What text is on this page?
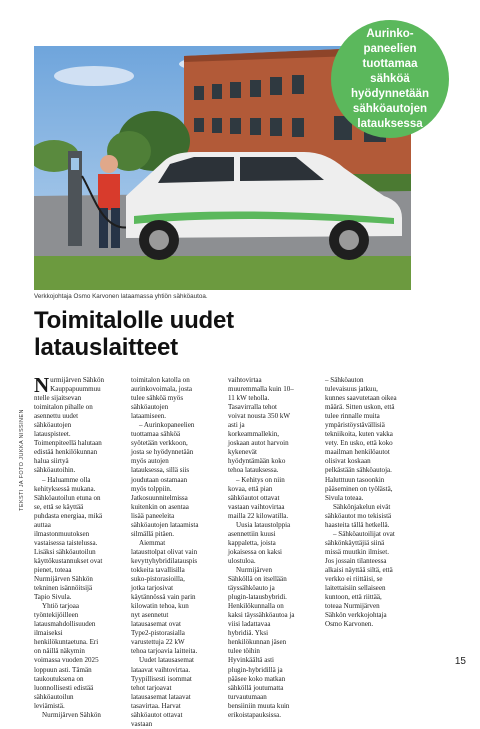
Aurinko-paneelien tuottamaa sähköä hyödynnetään sähköautojen latauksessa
Verkkojohtaja Osmo Karvonen lataamassa yhtiön sähköautoa.
Toimitalolle uudet latauslaitteet
TEKSTI JA FOTO JUKKA NISSINEN

Nurmijärven Sähkön Kauppapuummuuntelle sijaitsevan toimitalon pihalle on asennettu uudet sähköautojen latauspisteet. Toimenpiteellä halutaan edistää henkilökunnan halua siirtyä sähköautoihin.

– Haluamme olla kehityksessä mukana. Sähköautoilun etuna on se, että se käyttää puhdasta energiaa, mikä auttaa ilmastonmuutoksen vastaisessa taistelussa. Lisäksi sähköautoilun käyttökustannukset ovat pienet, toteaa Nurmijärven Sähkön tekninen isännöitsijä Tapio Sivula.

Yhtiö tarjoaa työntekijöilleen latausmahdollisuuden ilmaiseksi henkilökuntaetuna. Eri on näillä näkymin voimassa vuoden 2025 loppuun asti. Tämän taukoutuksena on luonnollisesti edistää sähköautoilun leviämistä.

Nurmijärven Sähkön

toimitalon katolla on aurinkovoimala, josta tulee sähköä myös sähköautojen lataamiseen.

– Aurinkopaneelien tuottamaa sähköä syötetään verkkoon, josta se hyödynnetään myös autojen latauksessa, sillä siis joudutaan ostamaan myös tolppiin. Jatkosuunnitelmissa kuitenkin on asentaa lisää paneeleita sähköautojen lataamista silmällä pitäen.

Aiemmat latausttolpat olivat vain kevyttyhybridilatauspistokkeita tavallisilla suko-pistorasioilla, jotka tarjosivat käytännössä vain parin kilowatin tehoa, kun nyt asennetut latausasemat ovat Type2-pistorasialla varustettuja 22 kW tehoa tarjoavia laitteita.

Uudet latausasemat lataavat vaihtovirtaa. Tyypillisesti isommat tehot tarjoavat latausasemat lataavat tasavirtaa. Harvat sähköautot ottavat vastaan

vaihtovirtaa muuremmalla kuin 10–11 kW teholla. Tasavirralla tehot voivat nousta 350 kW asti ja korkeammallekin, joskaan autot harvoin kykenevät hyödyntämään koko tehoa latauksessa.

– Kehitys on niin kovaa, että pian sähköautot ottavat vastaan vaihtovirtaa mailla 22 kilowatilla.

Uusia lataustolppia asennettiin kuusi kappaletta, joista jokaisessa on kaksi ulostuloa.

Nurmijärven Sähköllä on itsellään täyssähköauto ja plugin-latausbybridi. Henkilökunnalla on kaksi täyssähköautoa ja viisi ladattavaa hybridiä. Yksi henkilökunnan jäsen tulee töihin Hyvinkäältä asti plugin-hybridillä ja pääsee koko matkan sähköllä joutumatta turvautumaan bensiiniin muuta kuin erikoistapauksissa.

– Sähköauton tulevaisuus jatkuu, kunnes saavutetaan oikea määrä. Sitten uskon, että tulee rinnalle muita ympäristöystävällisiä tekniikoita, kuten vakka vety. En usko, että koko maailman henkilöautot olisivat koskaan pelkästään sähköautoja. Halutttuun tasoonkin pääseminen on työlästä, Sivula toteaa.

Sähkönjakelun eivät sähköautot mo tekisistä haasteita tällä hetkellä.

– Sähköautoilijat ovat sähkönkäyttäjiä siinä missä muutkin ilmiset. Jos jossain tilanteessa alkaisi näyttää siltä, että verkko ei riittäisi, se laitettaisiin sellaiseen kuntoon, että riittää, toteaa Nurmijärven Sähkön verkkojohtaja Osmo Karvonen.

15
